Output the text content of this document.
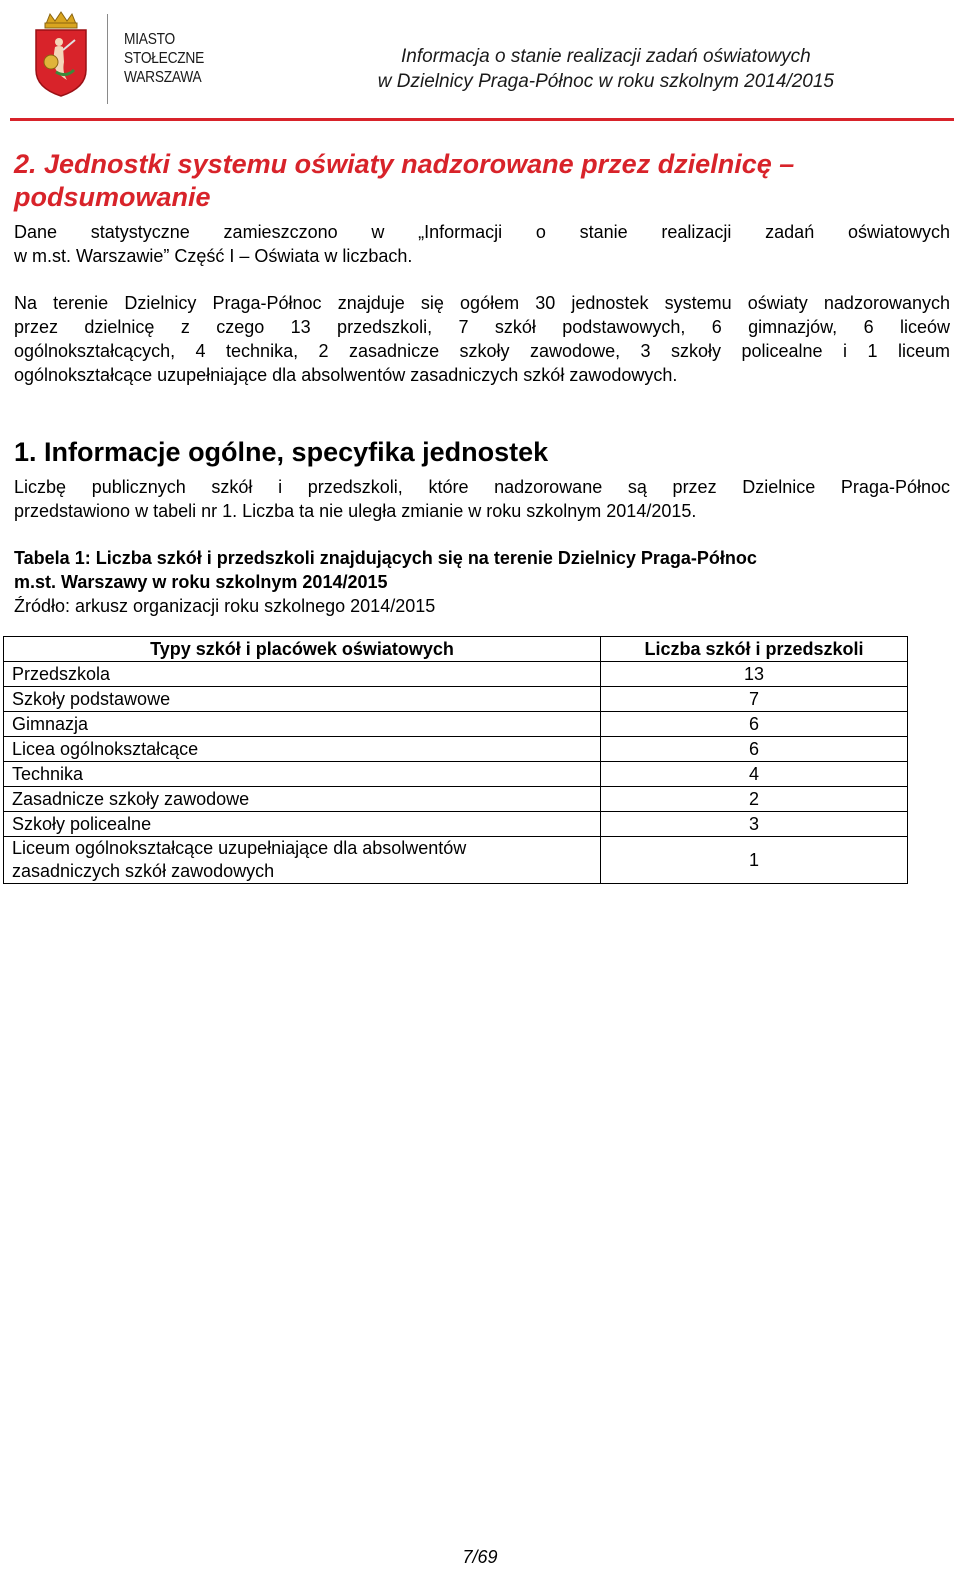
MIASTO
STOŁECZNE
WARSZAWA
Informacja o stanie realizacji zadań oświatowych
w Dzielnicy Praga-Północ w roku szkolnym 2014/2015
2. Jednostki systemu oświaty nadzorowane przez dzielnicę –
podsumowanie
Dane statystyczne zamieszczono w „Informacji o stanie realizacji zadań oświatowych
w m.st. Warszawie” Część I – Oświata w liczbach.
Na terenie Dzielnicy Praga-Północ znajduje się ogółem 30 jednostek systemu oświaty nadzorowanych
przez dzielnicę z czego 13 przedszkoli, 7 szkół podstawowych, 6 gimnazjów, 6 liceów
ogólnokształcących, 4 technika, 2 zasadnicze szkoły zawodowe, 3 szkoły policealne i 1 liceum
ogólnokształcące uzupełniające dla absolwentów zasadniczych szkół zawodowych.
1. Informacje ogólne, specyfika jednostek
Liczbę publicznych szkół i przedszkoli, które nadzorowane są przez Dzielnice Praga-Północ
przedstawiono w tabeli nr 1. Liczba ta nie uległa zmianie w roku szkolnym 2014/2015.
Tabela 1: Liczba szkół i przedszkoli znajdujących się na terenie Dzielnicy Praga-Północ
m.st. Warszawy w roku szkolnym 2014/2015
Źródło: arkusz organizacji roku szkolnego 2014/2015
Typy szkół i placówek oświatowych	Liczba szkół i przedszkoli
Przedszkola	13
Szkoły podstawowe	7
Gimnazja	6
Licea ogólnokształcące	6
Technika	4
Zasadnicze szkoły zawodowe	2
Szkoły policealne	3

Liceum ogólnokształcące uzupełniające dla absolwentów
zasadniczych szkół zawodowych	1
7/69
